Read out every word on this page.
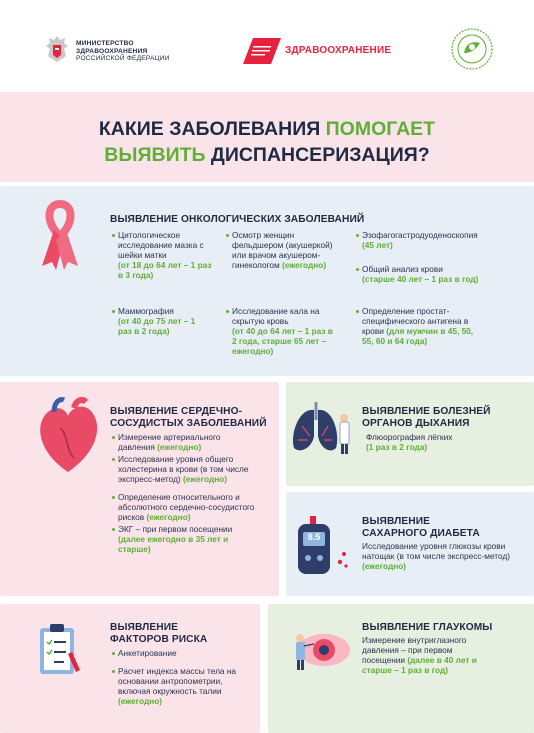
МИНИСТЕРСТВО
ЗДРАВООХРАНЕНИЯ
РОССИЙСКОЙ ФЕДЕРАЦИИ
ЗДРАВООХРАНЕНИЕ
КАКИЕ ЗАБОЛЕВАНИЯ ПОМОГАЕТ
ВЫЯВИТЬ ДИСПАНСЕРИЗАЦИЯ?
ВЫЯВЛЕНИЕ ОНКОЛОГИЧЕСКИХ ЗАБОЛЕВАНИЙ
Цитологическое исследование мазка с шейки матки
(от 18 до 64 лет – 1 раз в 3 года)
Осмотр женщин фельдшером (акушеркой) или врачом акушером-гинекологом (ежегодно)
Эзофагогастродуоденоскопия
(45 лет)
Общий анализ крови
(старше 40 лет – 1 раз в год)
Маммография
(от 40 до 75 лет – 1 раз в 2 года)
Исследование кала на скрытую кровь
(от 40 до 64 лет – 1 раз в 2 года, старше 65 лет – ежегодно)
Определение простат-специфического антигена в крови (для мужчин в 45, 50, 55, 60 и 64 года)
ВЫЯВЛЕНИЕ СЕРДЕЧНО-
СОСУДИСТЫХ ЗАБОЛЕВАНИЙ
Измерение артериального давления (ежегодно)
Исследование уровня общего холестерина в крови (в том числе экспресс-метод) (ежегодно)
Определение относительного и абсолютного сердечно-сосудистого рисков (ежегодно)
ЭКГ – при первом посещении
(далее ежегодно в 35 лет и старше)
ВЫЯВЛЕНИЕ БОЛЕЗНЕЙ
ОРГАНОВ ДЫХАНИЯ
Флюорография лёгких
(1 раз в 2 года)
8.5
ВЫЯВЛЕНИЕ
САХАРНОГО ДИАБЕТА
Исследование уровня глюкозы крови натощак (в том числе экспресс-метод) (ежегодно)
ВЫЯВЛЕНИЕ
ФАКТОРОВ РИСКА
Анкетирование
Расчет индекса массы тела на основании антропометрии, включая окружность талии (ежегодно)
ВЫЯВЛЕНИЕ ГЛАУКОМЫ
Измерение внутриглазного давления – при первом посещении (далее в 40 лет и старше – 1 раз в год)
